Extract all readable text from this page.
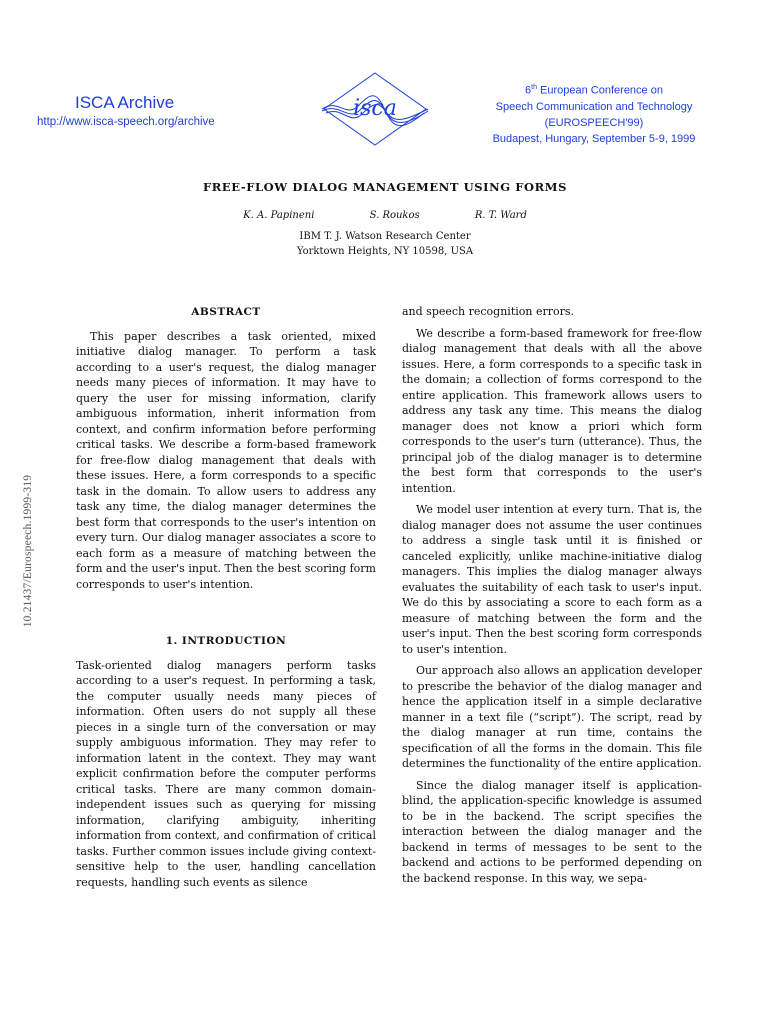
ISCA Archive
http://www.isca-speech.org/archive
isca
6th European Conference on
Speech Communication and Technology
(EUROSPEECH'99)
Budapest, Hungary, September 5-9, 1999
10.21437/Eurospeech.1999-319
FREE-FLOW DIALOG MANAGEMENT USING FORMS
K. A. Papineni	S. Roukos	R. T. Ward
IBM T. J. Watson Research Center
Yorktown Heights, NY 10598, USA
ABSTRACT

This paper describes a task oriented, mixed initiative dialog manager. To perform a task according to a user's request, the dialog manager needs many pieces of information. It may have to query the user for missing information, clarify ambiguous information, inherit information from context, and confirm information before performing critical tasks. We describe a form-based framework for free-flow dialog management that deals with these issues. Here, a form corresponds to a specific task in the domain. To allow users to address any task any time, the dialog manager determines the best form that corresponds to the user's intention on every turn. Our dialog manager associates a score to each form as a measure of matching between the form and the user's input. Then the best scoring form corresponds to user's intention.

1. INTRODUCTION

Task-oriented dialog managers perform tasks according to a user's request. In performing a task, the computer usually needs many pieces of information. Often users do not supply all these pieces in a single turn of the conversation or may supply ambiguous information. They may refer to information latent in the context. They may want explicit confirmation before the computer performs critical tasks. There are many common domain-independent issues such as querying for missing information, clarifying ambiguity, inheriting information from context, and confirmation of critical tasks. Further common issues include giving context-sensitive help to the user, handling cancellation requests, handling such events as silence

and speech recognition errors.

We describe a form-based framework for free-flow dialog management that deals with all the above issues. Here, a form corresponds to a specific task in the domain; a collection of forms correspond to the entire application. This framework allows users to address any task any time. This means the dialog manager does not know a priori which form corresponds to the user's turn (utterance). Thus, the principal job of the dialog manager is to determine the best form that corresponds to the user's intention.

We model user intention at every turn. That is, the dialog manager does not assume the user continues to address a single task until it is finished or canceled explicitly, unlike machine-initiative dialog managers. This implies the dialog manager always evaluates the suitability of each task to user's input. We do this by associating a score to each form as a measure of matching between the form and the user's input. Then the best scoring form corresponds to user's intention.

Our approach also allows an application developer to prescribe the behavior of the dialog manager and hence the application itself in a simple declarative manner in a text file (“script”). The script, read by the dialog manager at run time, contains the specification of all the forms in the domain. This file determines the functionality of the entire application.

Since the dialog manager itself is application-blind, the application-specific knowledge is assumed to be in the backend. The script specifies the interaction between the dialog manager and the backend in terms of messages to be sent to the backend and actions to be performed depending on the backend response. In this way, we sepa-
